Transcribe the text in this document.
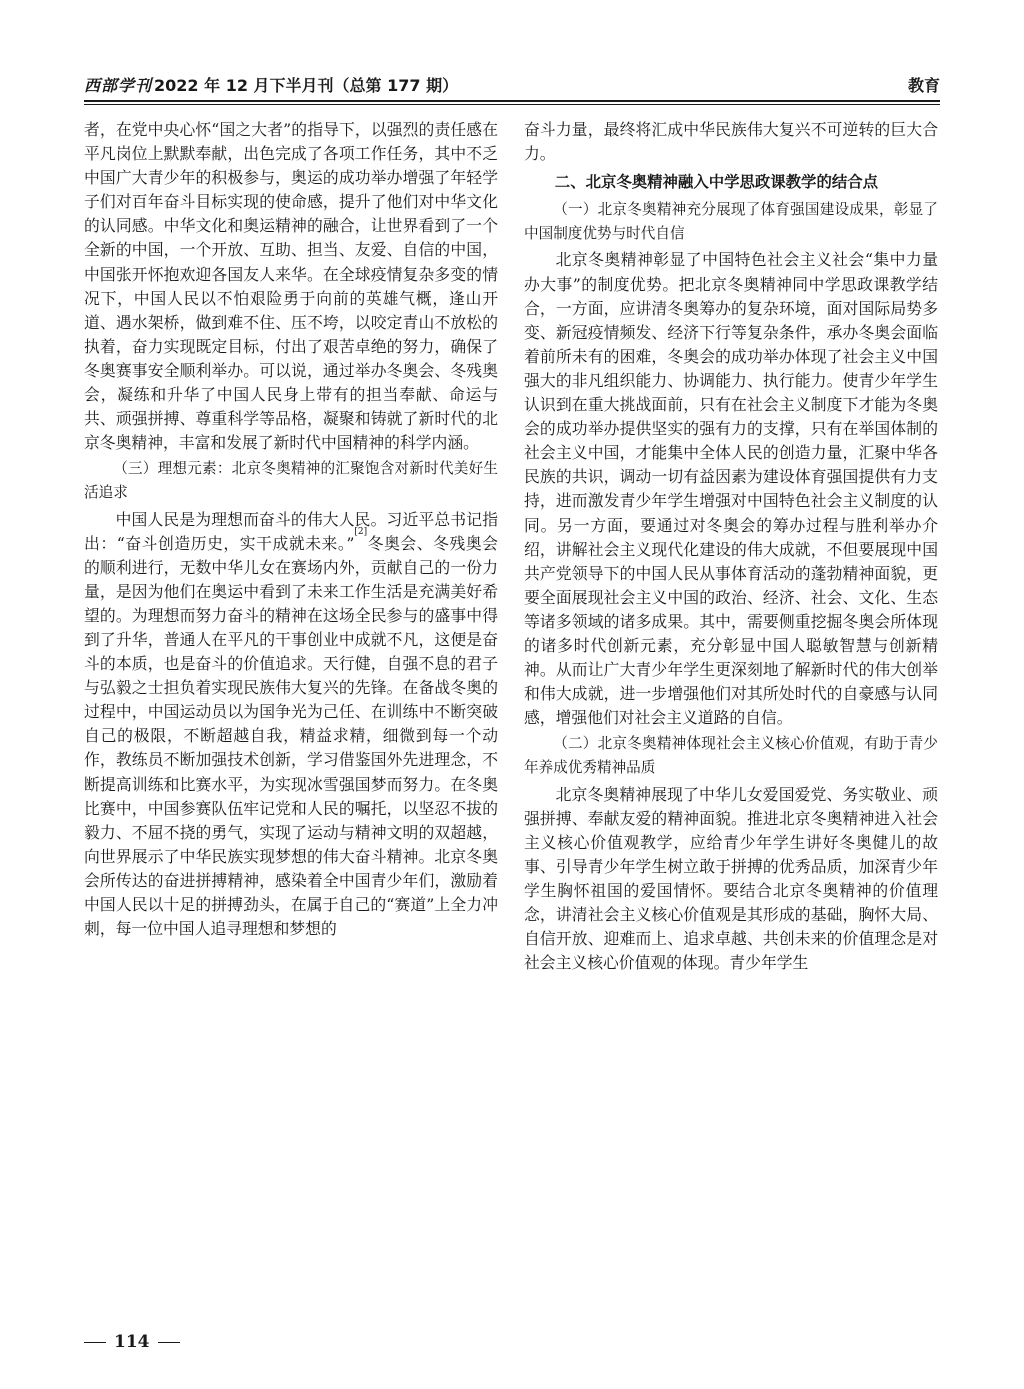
西部学刊 2022 年 12 月下半月刊（总第 177 期）	教育

者，在党中央心怀“国之大者”的指导下，以强烈的责任感在平凡岗位上默默奉献，出色完成了各项工作任务，其中不乏中国广大青少年的积极参与，奥运的成功举办增强了年轻学子们对百年奋斗目标实现的使命感，提升了他们对中华文化的认同感。中华文化和奥运精神的融合，让世界看到了一个全新的中国，一个开放、互助、担当、友爱、自信的中国，中国张开怀抱欢迎各国友人来华。在全球疫情复杂多变的情况下，中国人民以不怕艰险勇于向前的英雄气概，逢山开道、遇水架桥，做到难不住、压不垮，以咬定青山不放松的执着，奋力实现既定目标，付出了艰苦卓绝的努力，确保了冬奥赛事安全顺利举办。可以说，通过举办冬奥会、冬残奥会，凝练和升华了中国人民身上带有的担当奉献、命运与共、顽强拼搏、尊重科学等品格，凝聚和铸就了新时代的北京冬奥精神，丰富和发展了新时代中国精神的科学内涵。

（三）理想元素：北京冬奥精神的汇聚饱含对新时代美好生活追求

中国人民是为理想而奋斗的伟大人民。习近平总书记指出：“奋斗创造历史，实干成就未来。”[2]冬奥会、冬残奥会的顺利进行，无数中华儿女在赛场内外，贡献自己的一份力量，是因为他们在奥运中看到了未来工作生活是充满美好希望的。为理想而努力奋斗的精神在这场全民参与的盛事中得到了升华，普通人在平凡的干事创业中成就不凡，这便是奋斗的本质，也是奋斗的价值追求。天行健，自强不息的君子与弘毅之士担负着实现民族伟大复兴的先锋。在备战冬奥的过程中，中国运动员以为国争光为己任、在训练中不断突破自己的极限，不断超越自我，精益求精，细微到每一个动作，教练员不断加强技术创新，学习借鉴国外先进理念，不断提高训练和比赛水平，为实现冰雪强国梦而努力。在冬奥比赛中，中国参赛队伍牢记党和人民的嘱托，以坚忍不拔的毅力、不屈不挠的勇气，实现了运动与精神文明的双超越，向世界展示了中华民族实现梦想的伟大奋斗精神。北京冬奥会所传达的奋进拼搏精神，感染着全中国青少年们，激励着中国人民以十足的拼搏劲头，在属于自己的“赛道”上全力冲刺，每一位中国人追寻理想和梦想的

奋斗力量，最终将汇成中华民族伟大复兴不可逆转的巨大合力。

二、北京冬奥精神融入中学思政课教学的结合点

（一）北京冬奥精神充分展现了体育强国建设成果，彰显了中国制度优势与时代自信

北京冬奥精神彰显了中国特色社会主义社会“集中力量办大事”的制度优势。把北京冬奥精神同中学思政课教学结合，一方面，应讲清冬奥筹办的复杂环境，面对国际局势多变、新冠疫情频发、经济下行等复杂条件，承办冬奥会面临着前所未有的困难，冬奥会的成功举办体现了社会主义中国强大的非凡组织能力、协调能力、执行能力。使青少年学生认识到在重大挑战面前，只有在社会主义制度下才能为冬奥会的成功举办提供坚实的强有力的支撑，只有在举国体制的社会主义中国，才能集中全体人民的创造力量，汇聚中华各民族的共识，调动一切有益因素为建设体育强国提供有力支持，进而激发青少年学生增强对中国特色社会主义制度的认同。另一方面，要通过对冬奥会的筹办过程与胜利举办介绍，讲解社会主义现代化建设的伟大成就，不但要展现中国共产党领导下的中国人民从事体育活动的蓬勃精神面貌，更要全面展现社会主义中国的政治、经济、社会、文化、生态等诸多领域的诸多成果。其中，需要侧重挖掘冬奥会所体现的诸多时代创新元素，充分彰显中国人聪敏智慧与创新精神。从而让广大青少年学生更深刻地了解新时代的伟大创举和伟大成就，进一步增强他们对其所处时代的自豪感与认同感，增强他们对社会主义道路的自信。

（二）北京冬奥精神体现社会主义核心价值观，有助于青少年养成优秀精神品质

北京冬奥精神展现了中华儿女爱国爱党、务实敬业、顽强拼搏、奉献友爱的精神面貌。推进北京冬奥精神进入社会主义核心价值观教学，应给青少年学生讲好冬奥健儿的故事、引导青少年学生树立敢于拼搏的优秀品质，加深青少年学生胸怀祖国的爱国情怀。要结合北京冬奥精神的价值理念，讲清社会主义核心价值观是其形成的基础，胸怀大局、自信开放、迎难而上、追求卓越、共创未来的价值理念是对社会主义核心价值观的体现。青少年学生

114
